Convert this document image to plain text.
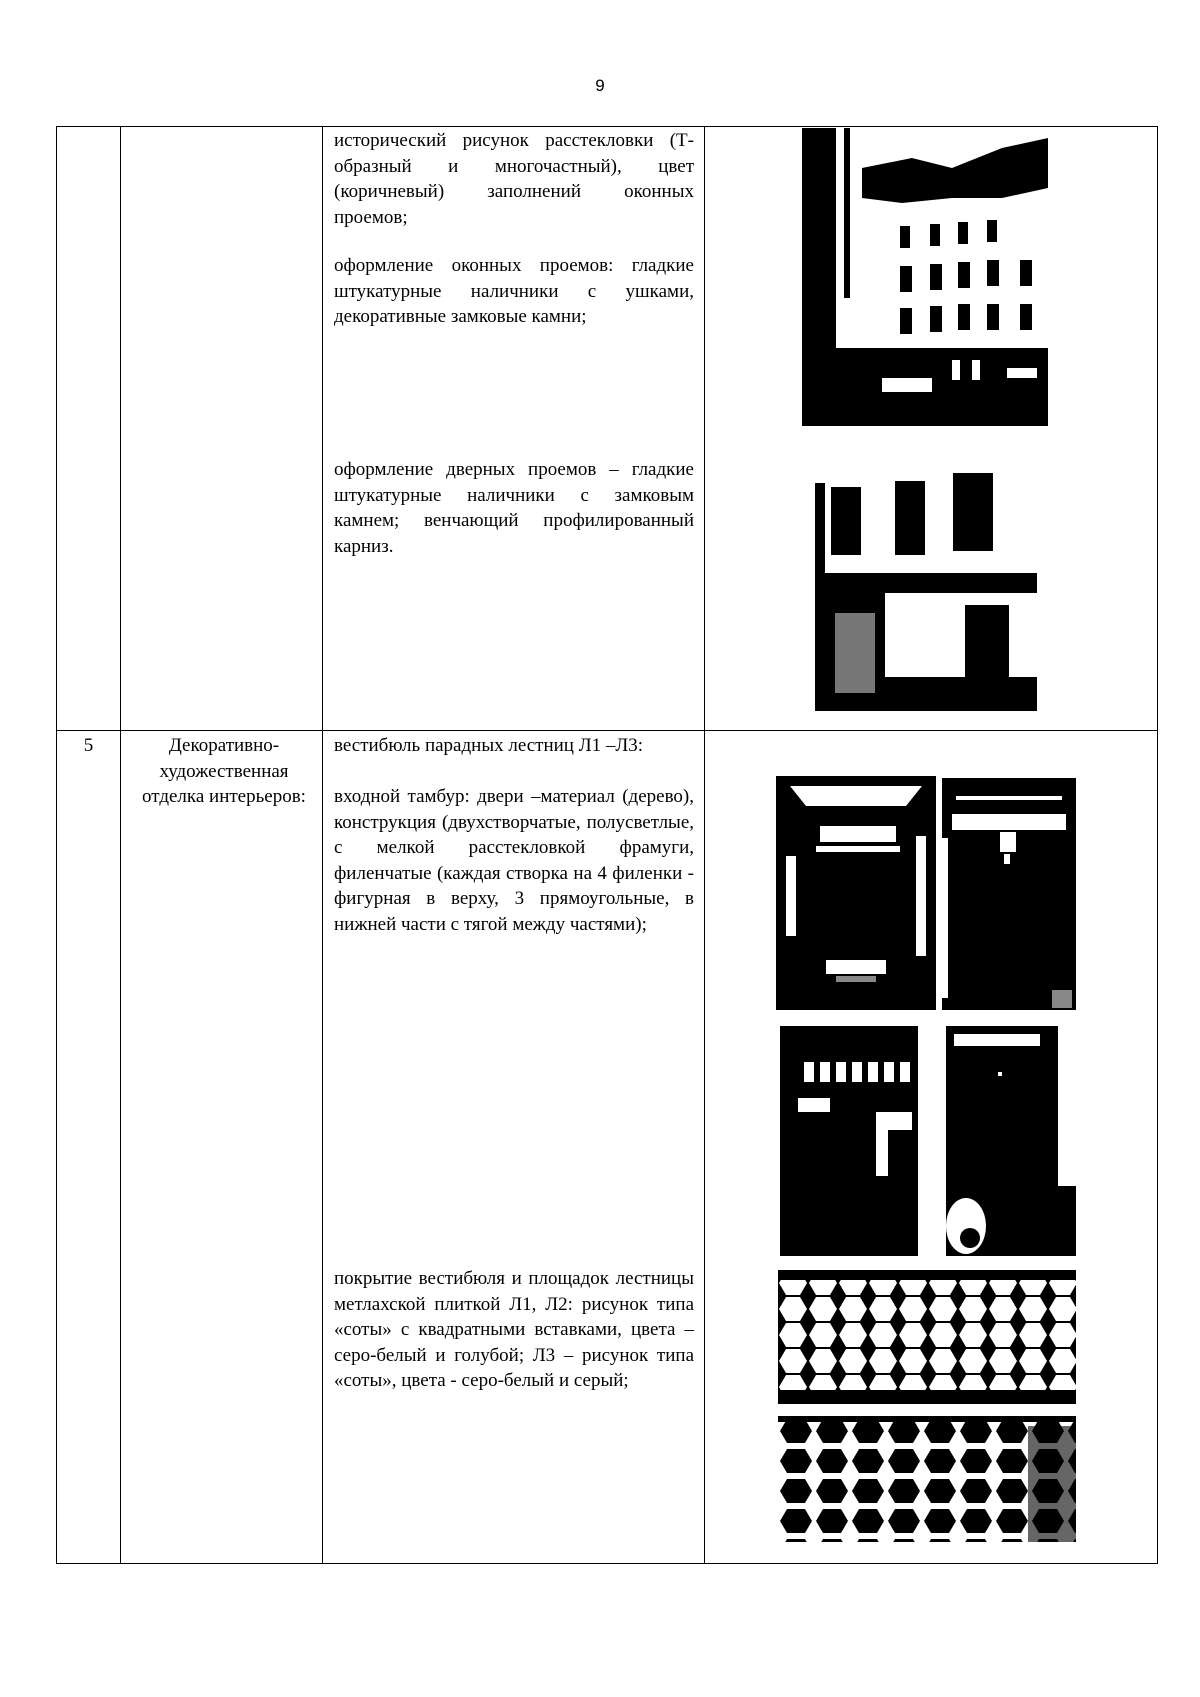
9
исторический рисунок расстекловки (Т-образный и многочастный), цвет (коричневый) заполнений оконных проемов;
оформление оконных проемов: гладкие штукатурные наличники с ушками, декоративные замковые камни;
оформление дверных проемов – гладкие штукатурные наличники с замковым камнем; венчающий профилированный карниз.
5	Декоративно-художественная отделка интерьеров:
вестибюль парадных лестниц Л1 –Л3:
входной тамбур: двери –материал (дерево), конструкция (двухстворчатые, полусветлые, с мелкой расстекловкой фрамуги, филенчатые (каждая створка на 4 филенки - фигурная в верху, 3 прямоугольные, в нижней части с тягой между частями);
покрытие вестибюля и площадок лестницы метлахской плиткой Л1, Л2: рисунок типа «соты» с квадратными вставками, цвета – серо-белый и голубой; Л3 – рисунок типа «соты», цвета - серо-белый и серый;
